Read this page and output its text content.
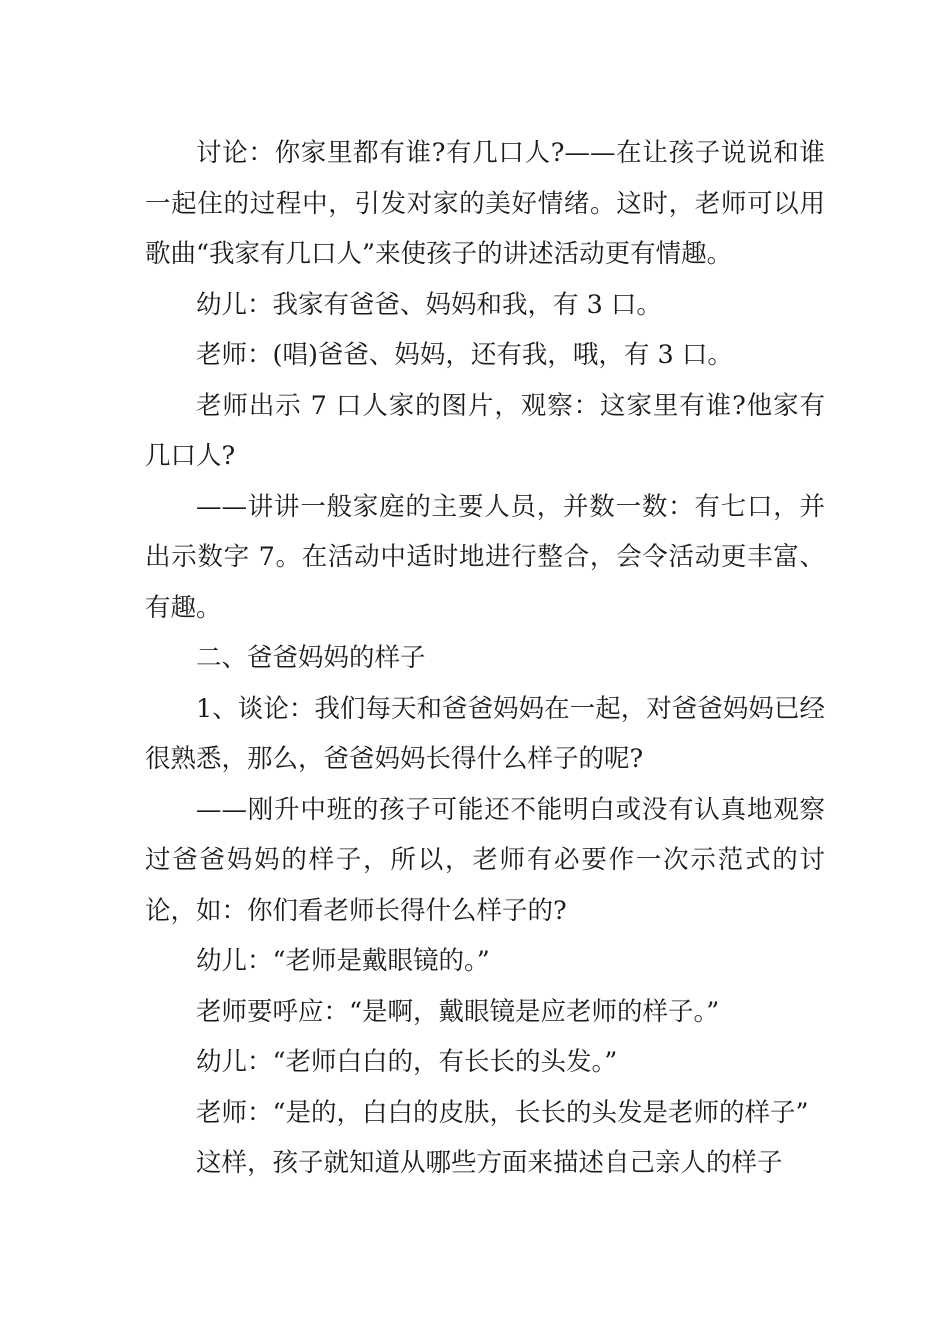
讨论：你家里都有谁?有几口人?——在让孩子说说和谁一起住的过程中，引发对家的美好情绪。这时，老师可以用歌曲“我家有几口人”来使孩子的讲述活动更有情趣。

幼儿：我家有爸爸、妈妈和我，有 3 口。

老师：(唱)爸爸、妈妈，还有我，哦，有 3 口。

老师出示 7 口人家的图片，观察：这家里有谁?他家有几口人?

——讲讲一般家庭的主要人员，并数一数：有七口，并出示数字 7。在活动中适时地进行整合，会令活动更丰富、有趣。

二、爸爸妈妈的样子

1、谈论：我们每天和爸爸妈妈在一起，对爸爸妈妈已经很熟悉，那么，爸爸妈妈长得什么样子的呢?

——刚升中班的孩子可能还不能明白或没有认真地观察过爸爸妈妈的样子，所以，老师有必要作一次示范式的讨论，如：你们看老师长得什么样子的?

幼儿：“老师是戴眼镜的。”

老师要呼应：“是啊，戴眼镜是应老师的样子。”

幼儿：“老师白白的，有长长的头发。”

老师：“是的，白白的皮肤，长长的头发是老师的样子”

这样，孩子就知道从哪些方面来描述自己亲人的样子
